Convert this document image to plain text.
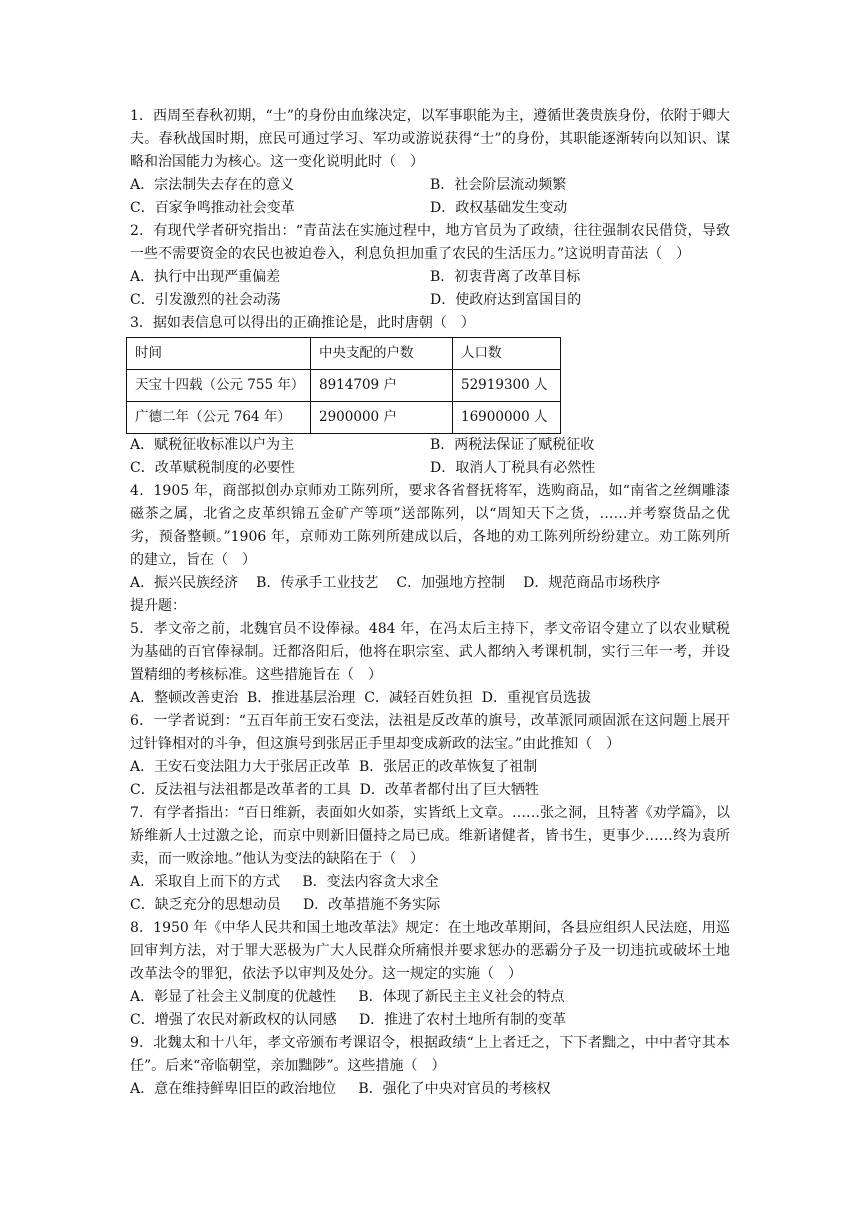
1．西周至春秋初期，“士”的身份由血缘决定，以军事职能为主，遵循世袭贵族身份，依附于卿大夫。春秋战国时期，庶民可通过学习、军功或游说获得“士”的身份，其职能逐渐转向以知识、谋略和治国能力为核心。这一变化说明此时（　）

A．宗法制失去存在的意义	B．社会阶层流动频繁
C．百家争鸣推动社会变革	D．政权基础发生变动

2．有现代学者研究指出：“青苗法在实施过程中，地方官员为了政绩，往往强制农民借贷，导致一些不需要资金的农民也被迫卷入，利息负担加重了农民的生活压力。”这说明青苗法（　）

A．执行中出现严重偏差	B．初衷背离了改革目标
C．引发激烈的社会动荡	D．使政府达到富国目的

3．据如表信息可以得出的正确推论是，此时唐朝（　）

时间	中央支配的户数	人口数
天宝十四载（公元 755 年）	8914709 户	52919300 人
广德二年（公元 764 年）	2900000 户	16900000 人
A．赋税征收标准以户为主	B．两税法保证了赋税征收
C．改革赋税制度的必要性	D．取消人丁税具有必然性

4．1905 年，商部拟创办京师劝工陈列所，要求各省督抚将军，选购商品，如“南省之丝绸雕漆磁茶之属，北省之皮革织锦五金矿产等项”送部陈列，以“周知天下之货，……并考察货品之优劣，预备整顿。”1906 年，京师劝工陈列所建成以后，各地的劝工陈列所纷纷建立。劝工陈列所的建立，旨在（　）

A．振兴民族经济 B．传承手工业技艺 C．加强地方控制 D．规范商品市场秩序

提升题：

5．孝文帝之前，北魏官员不设俸禄。484 年，在冯太后主持下，孝文帝诏令建立了以农业赋税为基础的百官俸禄制。迁都洛阳后，他将在职宗室、武人都纳入考课机制，实行三年一考，并设置精细的考核标准。这些措施旨在（　）

A．整顿改善吏治  B．推进基层治理  C．减轻百姓负担  D．重视官员选拔

6．一学者说到：“五百年前王安石变法，法祖是反改革的旗号，改革派同顽固派在这问题上展开过针锋相对的斗争，但这旗号到张居正手里却变成新政的法宝。”由此推知（　）

A．王安石变法阻力大于张居正改革  B．张居正的改革恢复了祖制

C．反法祖与法祖都是改革者的工具  D．改革者都付出了巨大牺牲

7．有学者指出：“百日维新，表面如火如荼，实皆纸上文章。……张之洞，且特著《劝学篇》，以矫维新人士过激之论，而京中则新旧僵持之局已成。维新诸健者，皆书生，更事少……终为袁所卖，而一败涂地。”他认为变法的缺陷在于（　）

A．采取自上而下的方式     B．变法内容贪大求全

C．缺乏充分的思想动员     D．改革措施不务实际

8．1950 年《中华人民共和国土地改革法》规定：在土地改革期间，各县应组织人民法庭，用巡回审判方法，对于罪大恶极为广大人民群众所痛恨并要求惩办的恶霸分子及一切违抗或破坏土地改革法令的罪犯，依法予以审判及处分。这一规定的实施（　）

A．彰显了社会主义制度的优越性     B．体现了新民主主义社会的特点

C．增强了农民对新政权的认同感     D．推进了农村土地所有制的变革

9．北魏太和十八年，孝文帝颁布考课诏令，根据政绩“上上者迁之，下下者黜之，中中者守其本任”。后来“帝临朝堂，亲加黜陟”。这些措施（　）

A．意在维持鲜卑旧臣的政治地位     B．强化了中央对官员的考核权
